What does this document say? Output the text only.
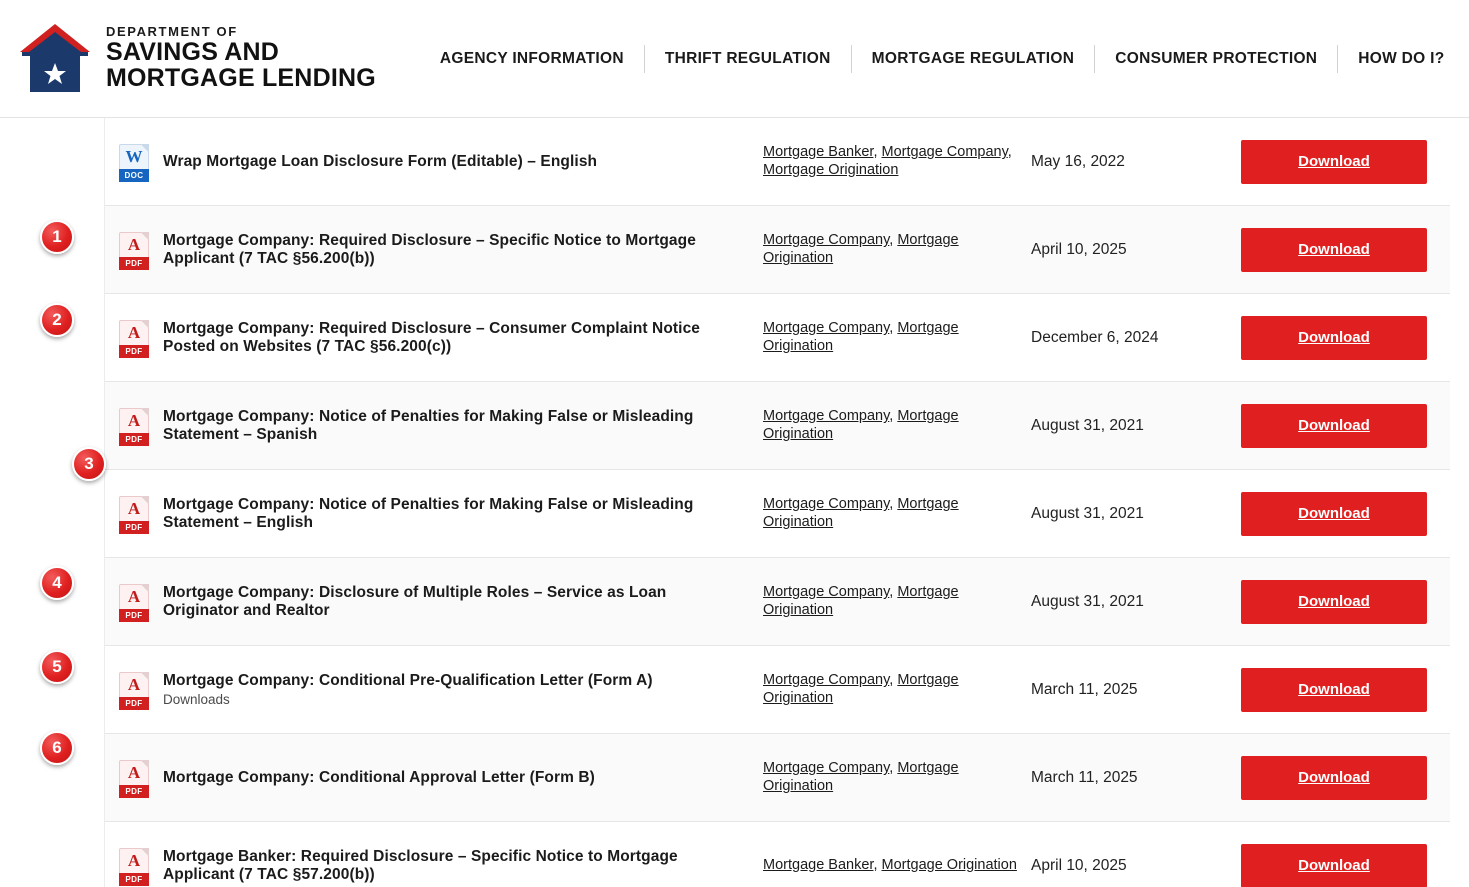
DEPARTMENT OF
SAVINGS AND
MORTGAGE LENDING
AGENCY INFORMATION	THRIFT REGULATION	MORTGAGE REGULATION	CONSUMER PROTECTION	HOW DO I?
W
DOC
Wrap Mortgage Loan Disclosure Form (Editable) – English
Mortgage Banker, Mortgage Company, Mortgage Origination	May 16, 2022	Download
A
PDF
Mortgage Company: Required Disclosure – Specific Notice to Mortgage Applicant (7 TAC §56.200(b))
Mortgage Company, Mortgage Origination	April 10, 2025	Download
A
PDF
Mortgage Company: Required Disclosure – Consumer Complaint Notice Posted on Websites (7 TAC §56.200(c))
Mortgage Company, Mortgage Origination	December 6, 2024	Download
A
PDF
Mortgage Company: Notice of Penalties for Making False or Misleading Statement – Spanish
Mortgage Company, Mortgage Origination	August 31, 2021	Download
A
PDF
Mortgage Company: Notice of Penalties for Making False or Misleading Statement – English
Mortgage Company, Mortgage Origination	August 31, 2021	Download
A
PDF
Mortgage Company: Disclosure of Multiple Roles – Service as Loan Originator and Realtor
Mortgage Company, Mortgage Origination	August 31, 2021	Download
A
PDF
Mortgage Company: Conditional Pre-Qualification Letter (Form A)
Downloads
Mortgage Company, Mortgage Origination	March 11, 2025	Download
A
PDF
Mortgage Company: Conditional Approval Letter (Form B)
Mortgage Company, Mortgage Origination	March 11, 2025	Download
A
PDF
Mortgage Banker: Required Disclosure – Specific Notice to Mortgage Applicant (7 TAC §57.200(b))
Mortgage Banker, Mortgage Origination April 10, 2025	Download
1
2
3
4
5
6
